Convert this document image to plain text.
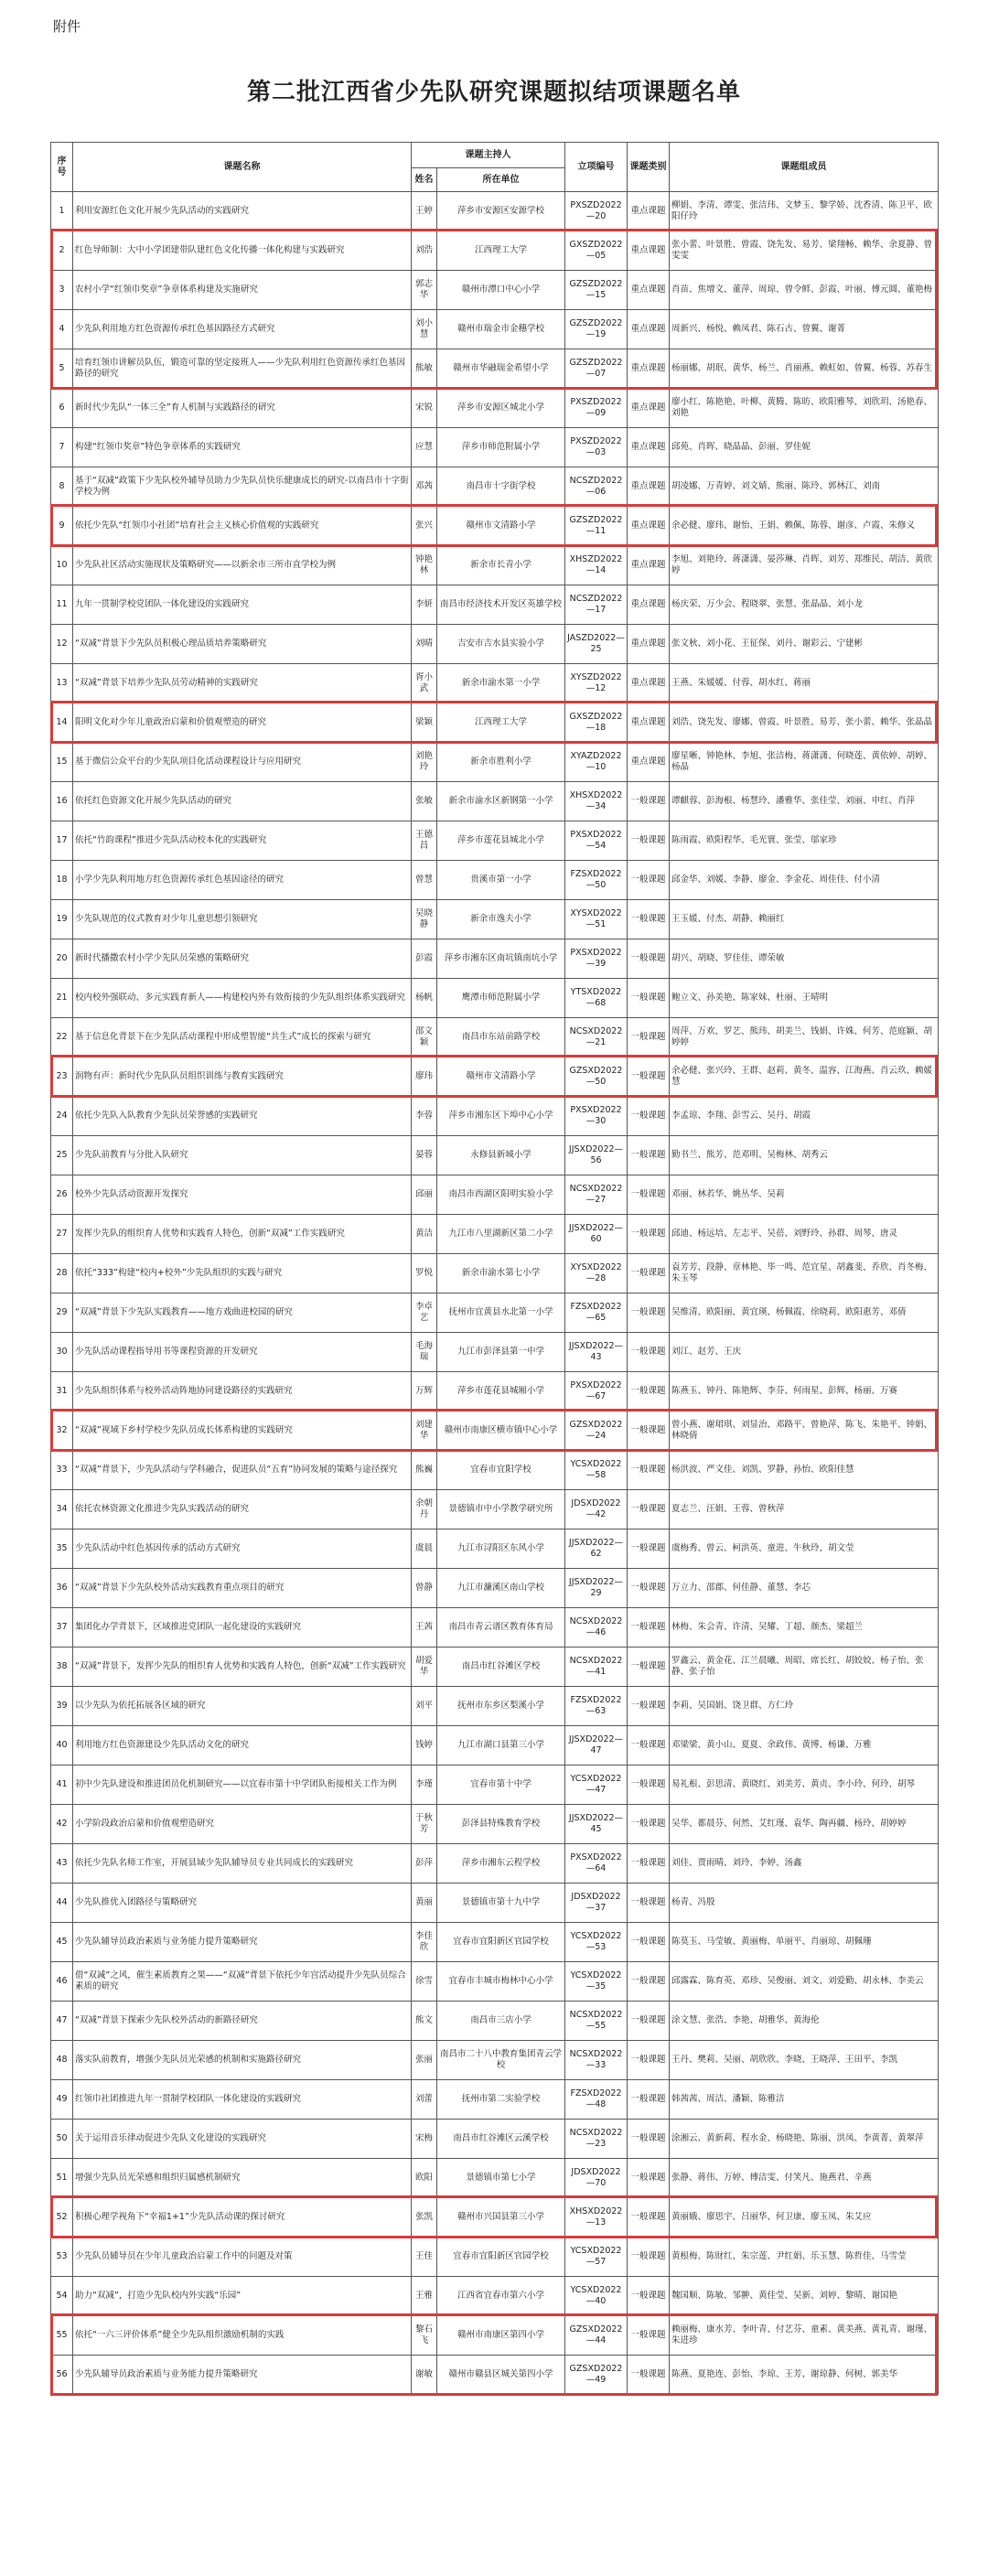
附件
第二批江西省少先队研究课题拟结项课题名单
序号	课题名称	课题主持人		立项编号	课题类别	课题组成员
		姓名	所在单位			
1	利用安源红色文化开展少先队活动的实践研究	王婷	萍乡市安源区安源学校	PXSZD2022—20	重点课题	柳娟、李清、谭雯、张洁玮、文梦玉、黎学娇、沈香清、陈卫平、欧阳仔玲
2	红色导师制：大中小学团建带队建红色文化传播一体化构建与实践研究	刘浩	江西理工大学	GXSZD2022—05	重点课题	张小蕾、叶景胜、曾霞、饶先发、易芳、梁翔畅、赖华、余夏静、曾雯雯
3	农村小学“红领巾奖章”争章体系构建及实施研究	郭志华	赣州市潭口中心小学	GZSZD2022—15	重点课题	肖苗、焦增文、董萍、周琼、曾令鲜、彭霞、叶丽、傅元圆、董艳梅
4	少先队利用地方红色资源传承红色基因路径方式研究	刘小慧	赣州市瑞金市金穗学校	GZSZD2022—19	重点课题	周新兴、杨悦、赖凤君、陈石古、曾翼、谢菁
5	培育红领巾讲解员队伍，锻造可靠的坚定接班人——少先队利用红色资源传承红色基因路径的研究	熊敏	赣州市华融瑞金希望小学	GZSZD2022—07	重点课题	杨丽娜、胡珉、黄华、杨兰、肖丽燕、赖虹如、曾翼、杨蓉、苏春生
6	新时代少先队“一体三全”育人机制与实践路径的研究	宋锐	萍乡市安源区城北小学	PXSZD2022—09	重点课题	廖小红、陈艳艳、叶柳、黄腾、陈昉、欧阳雅琴、刘欣玥、汤艳春、刘艳
7	构建“红领巾奖章”特色争章体系的实践研究	应慧	萍乡市师范附属小学	PXSZD2022—03	重点课题	邱苑、肖晖、晓晶晶、彭丽、罗佳妮
8	基于“双减”政策下少先队校外辅导员助力少先队员快乐健康成长的研究-以南昌市十字街学校为例	邓茜	南昌市十字街学校	NCSZD2022—06	重点课题	胡凌娜、万青婷、刘文婧、熊丽、陈玲、郭林江、刘南
9	依托少先队“红领巾小社团”培育社会主义核心价值观的实践研究	张兴	赣州市文清路小学	GZSZD2022—11	重点课题	余必健、廖玮、谢怡、王娟、赖佩、陈蓉、谢彦、卢霞、朱修义
10	少先队社区活动实施现状及策略研究——以新余市三所市直学校为例	钟艳林	新余市长青小学	XHSZD2022—14	重点课题	李旭、刘艳玲、蒋潇潇、晏莎琳、肖晖、刘芳、郑维民、胡洁、黄欣婷
11	九年一贯制学校党团队一体化建设的实践研究	李妍	南昌市经济技术开发区英雄学校	NCSZD2022—17	重点课题	杨庆荣、万少会、程晓翠、张慧、张晶晶、刘小龙
12	“双减”背景下少先队员积极心理品质培养策略研究	刘晴	吉安市吉水县实验小学	JASZD2022—25	重点课题	张文秋、刘小花、王征保、刘丹、谢彩云、宁建彬
13	“双减”背景下培养少先队员劳动精神的实践研究	胥小武	新余市渝水第一小学	XYSZD2022—12	重点课题	王燕、朱媛媛、付蓉、胡水红、蒋丽
14	阳明文化对少年儿童政治启蒙和价值观塑造的研究	梁颖	江西理工大学	GXSZD2022—18	重点课题	刘浩、饶先发、廖娜、曾霞、叶景胜、易芳、张小蕾、赖华、张晶晶
15	基于微信公众平台的少先队项目化活动课程设计与应用研究	刘艳玲	新余市胜利小学	XYAZD2022—10	重点课题	廖星晰、钟艳林、李旭、张洁梅、蒋潇潇、何晓莲、黄依婷、胡婷、杨晶
16	依托红色资源文化开展少先队活动的研究	张敏	新余市渝水区新钢第一小学	XHSXD2022—34	一般课题	谭麒蓉、彭海根、杨慧玲、潘雅华、张佳莹、刘丽、申红、肖萍
17	依托“竹韵课程”推进少先队活动校本化的实践研究	王德昌	萍乡市莲花县城北小学	PXSXD2022—54	一般课题	陈雨霞、欧阳程华、毛光寰、张莹、邬家珍
18	小学少先队利用地方红色资源传承红色基因途径的研究	曾慧	贵溪市第一小学	FZSXD2022—50	一般课题	邱金华、刘媛、李静、廖金、李金花、周佳佳、付小清
19	少先队规范的仪式教育对少年儿童思想引领研究	吴晓静	新余市逸夫小学	XYSXD2022—51	一般课题	王玉媛、付杰、胡静、赖丽红
20	新时代播撒农村小学少先队员荣感的策略研究	彭霞	萍乡市湘东区南坑镇南坑小学	PXSXD2022—39	一般课题	胡兴、胡晓、罗佳佳、谭荣敏
21	校内校外强联动、多元实践育新人——构建校内外有效衔接的少先队组织体系实践研究	杨帆	鹰潭市师范附属小学	YTSXD2022—68	一般课题	鲍立文、孙美艳、陈家妹、杜丽、王晴明
22	基于信息化背景下在少先队活动课程中形成塑智能“共生式”成长的探索与研究	邵文颖	南昌市东站前路学校	NCSXD2022—21	一般课题	周萍、万欢、罗艺、熊玮、胡美兰、钱娟、许姝、何芳、范庭颖、胡婷婷
23	润物有声：新时代少先队队员组织训练与教育实践研究	廖玮	赣州市文清路小学	GZSXD2022—50	一般课题	余必健、张兴玲、王群、赵莉、黄冬、温容、江海燕、肖云玖、赖媛慧
24	依托少先队入队教育少先队员荣誉感的实践研究	李蓉	萍乡市湘东区下埠中心小学	PXSXD2022—30	一般课题	李孟琼、李翔、彭雪云、吴丹、胡霞
25	少先队前教育与分批入队研究	晏蓉	永修县新城小学	JJSXD2022—56	一般课题	勤书兰、熊芳、范邓明、吴梅林、胡秀云
26	校外少先队活动资源开发探究	邱丽	南昌市西湖区阳明实验小学	NCSXD2022—27	一般课题	邓丽、林若华、姚丛华、吴莉
27	发挥少先队的组织育人优势和实践育人特色，创新“双减”工作实践研究	黄洁	九江市八里湖新区第二小学	JJSXD2022—60	一般课题	邱迪、杨远培、左志平、吴蓓、刘野玲、孙群、周琴、唐灵
28	依托“333”构建“校内+校外”少先队组织的实践与研究	罗悦	新余市渝水第七小学	XYSXD2022—28	一般课题	袁芳芳、段静、章林艳、毕一鸣、范宜星、胡鑫斐、乔欣、肖冬梅、朱玉琴
29	“双减”背景下少先队实践教育——地方戏曲进校园的研究	李卓艺	抚州市宜黄县水北第一小学	FZSXD2022—65	一般课题	吴维清、欧阳丽、黄宜瑛、杨佩霞、徐晓莉、欧阳惠芳、邓倩
30	少先队活动课程指导用书等课程资源的开发研究	毛海瑞	九江市彭泽县第一中学	JJSXD2022—43	一般课题	刘江、赵芳、王庆
31	少先队组织体系与校外活动阵地协同建设路径的实践研究	万辉	萍乡市莲花县城厢小学	PXSXD2022—67	一般课题	陈燕玉、钟丹、陈艳辉、李芬、何雨星、彭辉、杨丽、万赛
32	“双减”视域下乡村学校少先队员成长体系构建的实践研究	刘建华	赣州市南康区横市镇中心小学	GZSXD2022—24	一般课题	曾小燕、谢珺琪、刘显治、邓路平、曾艳萍、陈飞、朱艳平、钟娟、林晓倩
33	“双减”背景下，少先队活动与学科融合，促进队员“五育”协同发展的策略与途径探究	熊巍	宜春市宜阳学校	YCSXD2022—58	一般课题	杨洪波、严文佳、刘凯、罗静、孙怡、欧阳佳慧
34	依托农林资源文化推进少先队实践活动的研究	余朝丹	景德镇市中小学教学研究所	JDSXD2022—42	一般课题	夏志兰、汪娟、王蓉、曾秋萍
35	少先队活动中红色基因传承的活动方式研究	虞晨	九江市浔阳区东风小学	JJSXD2022—62	一般课题	虞梅秀、曾云、柯洪英、童进、牛秋玲、胡文莹
36	“双减”背景下少先队校外活动实践教育重点项目的研究	曾静	九江市濂溪区南山学校	JJSXD2022—29	一般课题	万立力、邵郡、何佳静、董慧、李芯
37	集团化办学背景下，区域推进党团队一起化建设的实践研究	王茜	南昌市青云谱区教育体育局	NCSXD2022—46	一般课题	林梅、朱会青、许清、吴耀、丁超、颜杰、梁超兰
38	“双减”背景下，发挥少先队的组织育人优势和实践育人特色，创新“双减”工作实践研究	胡爱华	南昌市红谷滩区学校	NCSXD2022—41	一般课题	罗鑫云、黄金花、江兰晨曦、周昭、席长红、胡姣姣、杨子怡、张静、张子怡
39	以少先队为依托拓展各区域的研究	刘平	抚州市东乡区梨溪小学	FZSXD2022—63	一般课题	李莉、吴国娟、饶卫群、方仁玲
40	利用地方红色资源建设少先队活动文化的研究	钱婷	九江市湖口县第三小学	JJSXD2022—47	一般课题	邓梁梁、黄小山、夏夏、余政伟、黄博、杨谦、万雅
41	初中少先队建设和推进团员化机制研究——以宜春市第十中学团队衔接相关工作为例	李瑾	宜春市第十中学	YCSXD2022—47	一般课题	易礼根、彭思清、黄晓红、刘美芳、黄贞、李小玲、何玲、胡琴
42	小学阶段政治启蒙和价值观塑造研究	于秋芳	彭泽县特殊教育学校	JJSXD2022—45	一般课题	吴华、都晨芬、何然、艾红瑾、袁华、陶再疆、杨玲、胡婷婷
43	依托少先队名师工作室，开展县域少先队辅导员专业共同成长的实践研究	彭萍	萍乡市湘东云程学校	PXSXD2022—64	一般课题	刘佳、贾雨晴、刘玲、李婷、汤鑫
44	少先队推优入团路径与策略研究	黄丽	景德镇市第十九中学	JDSXD2022—37	一般课题	杨青、冯殷
45	少先队辅导员政治素质与业务能力提升策略研究	李佳欣	宜春市宜阳新区官园学校	YCSXD2022—53	一般课题	陈莫玉、马莹敏、黄丽梅、单丽平、肖丽琼、胡佩珊
46	借“双减”之风，催生素质教育之果——“双减”背景下依托少年宫活动提升少先队员综合素质的研究	徐雪	宜春市丰城市梅林中心小学	YCSXD2022—35	一般课题	邱露霖、陈育英、邓珍、吴俊丽、刘文、刘爱勤、胡永林、李美云
47	“双减”背景下探索少先队校外活动的新路径研究	熊文	南昌市三店小学	NCSXD2022—55	一般课题	涂文慧、张浩、李艳、胡雅华、黄海伦
48	落实队前教育，增强少先队员光荣感的机制和实施路径研究	张丽	南昌市二十八中教育集团青云学校	NCSXD2022—33	一般课题	王丹、樊莉、吴丽、胡欣欣、李晓、王晓萍、王田平、李凯
49	红领巾社团推进九年一贯制学校团队一体化建设的实践研究	刘蕾	抚州市第二实验学校	FZSXD2022—48	一般课题	韩茜茜、周洁、潘颖、陈雅洁
50	关于运用音乐律动促进少先队文化建设的实践研究	宋梅	南昌市红谷滩区云溪学校	NCSXD2022—23	一般课题	涂湘云、黄新莉、程水金、杨晓艳、陈丽、洪凤、李黄菁、黄翠萍
51	增强少先队员光荣感和组织归属感机制研究	欧阳	景德镇市第七小学	JDSXD2022—70	一般课题	张静、蒋伟、万婷、傅洁雯、付笑凡、施燕君、辛燕
52	积极心理学视角下“幸福1+1”少先队活动课的探讨研究	张凯	赣州市兴国县第三小学	XHSXD2022—13	一般课题	黄丽娥、廖思宇、吕丽华、何卫康、廖玉凤、朱艾应
53	少先队员辅导员在少年儿童政治启蒙工作中的问题及对策	王佳	宜春市宜阳新区官园学校	YCSXD2022—57	一般课题	黄根梅、陈财红、朱宗莲、尹红娟、乐玉慧、陈哲佳、马雪莹
54	助力“双减”，打造少先队校内外实践“乐园”	王雅	江西省宜春市第六小学	YCSXD2022—40	一般课题	魏国顺、陈敏、邹翀、黄佳莹、吴新、刘婷、黎晴、谢国艳
55	依托“一六三评价体系”健全少先队组织激励机制的实践	黎石飞	赣州市南康区第四小学	GZSXD2022—44	一般课题	赖丽梅、康水芳、李叶青、付艺芬、童素、黄美燕、黄礼青、谢瑾、朱进珍
56	少先队辅导员政治素质与业务能力提升策略研究	谢敏	赣州市赣县区城关第四小学	GZSXD2022—49	一般课题	陈燕、夏艳连、彭怡、李琼、王芳、谢琼静、何树、郭美华
